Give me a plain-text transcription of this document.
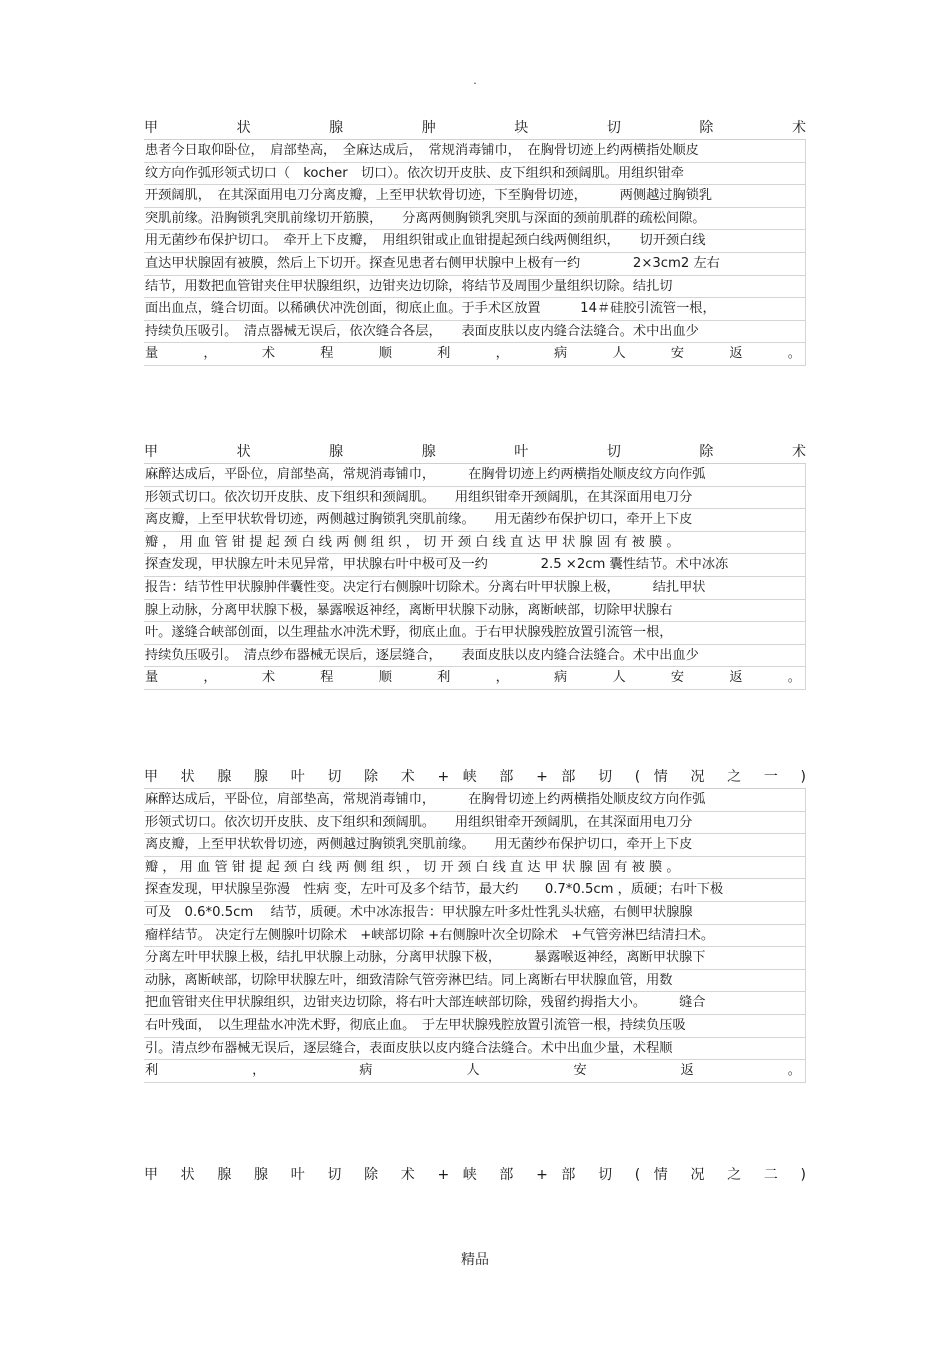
.
甲 状 腺 肿 块 切 除 术
患者今日取仰卧位，　肩部垫高，　全麻达成后，　常规消毒铺巾，　在胸骨切迹上约两横指处顺皮
纹方向作弧形领式切口（　kocher　切口）。依次切开皮肤、皮下组织和颈阔肌。用组织钳牵
开颈阔肌，　在其深面用电刀分离皮瓣，上至甲状软骨切迹，下至胸骨切迹，　　　两侧越过胸锁乳
突肌前缘。沿胸锁乳突肌前缘切开筋膜，　　分离两侧胸锁乳突肌与深面的颈前肌群的疏松间隙。
用无菌纱布保护切口。　牵开上下皮瓣，　用组织钳或止血钳提起颈白线两侧组织，　　切开颈白线
直达甲状腺固有被膜，然后上下切开。探查见患者右侧甲状腺中上极有一约　　　　2×3cm2 左右
结节，用数把血管钳夹住甲状腺组织，边钳夹边切除，将结节及周围少量组织切除。结扎切
面出血点，缝合切面。以稀碘伏冲洗创面，彻底止血。于手术区放置　　　14＃硅胶引流管一根，
持续负压吸引。　清点器械无误后，依次缝合各层，　　表面皮肤以皮内缝合法缝合。术中出血少
量 ， 术 程 顺 利 ， 病 人 安 返 。
甲 状 腺 腺 叶 切 除 术
麻醉达成后，平卧位，肩部垫高，常规消毒铺巾，　　　在胸骨切迹上约两横指处顺皮纹方向作弧
形领式切口。依次切开皮肤、皮下组织和颈阔肌。　　用组织钳牵开颈阔肌，在其深面用电刀分
离皮瓣，上至甲状软骨切迹，两侧越过胸锁乳突肌前缘。　　用无菌纱布保护切口，牵开上下皮
瓣 ， 用 血 管 钳 提 起 颈 白 线 两 侧 组 织 ， 切 开 颈 白 线 直 达 甲 状 腺 固 有 被 膜 。
探查发现，甲状腺左叶未见异常，甲状腺右叶中极可及一约　　　　2.5 ×2cm 囊性结节。术中冰冻
报告：结节性甲状腺肿伴囊性变。决定行右侧腺叶切除术。分离右叶甲状腺上极，　　　结扎甲状
腺上动脉，分离甲状腺下极，暴露喉返神经，离断甲状腺下动脉，离断峡部，切除甲状腺右
叶。遂缝合峡部创面，以生理盐水冲洗术野，彻底止血。于右甲状腺残腔放置引流管一根，
持续负压吸引。　清点纱布器械无误后，逐层缝合，　　表面皮肤以皮内缝合法缝合。术中出血少
量 ， 术 程 顺 利 ， 病 人 安 返 。
甲 状 腺 腺 叶 切 除 术 + 峡 部 + 部 切 ( 情 况 之 一 )
麻醉达成后，平卧位，肩部垫高，常规消毒铺巾，　　　在胸骨切迹上约两横指处顺皮纹方向作弧
形领式切口。依次切开皮肤、皮下组织和颈阔肌。　　用组织钳牵开颈阔肌，在其深面用电刀分
离皮瓣，上至甲状软骨切迹，两侧越过胸锁乳突肌前缘。　　用无菌纱布保护切口，牵开上下皮
瓣 ， 用 血 管 钳 提 起 颈 白 线 两 侧 组 织 ， 切 开 颈 白 线 直 达 甲 状 腺 固 有 被 膜 。
探查发现，甲状腺呈弥漫　性病 变，左叶可及多个结节，最大约　　0.7*0.5cm ，质硬；右叶下极
可及　0.6*0.5cm　 结节，质硬。术中冰冻报告：甲状腺左叶多灶性乳头状癌，右侧甲状腺腺
瘤样结节。 决定行左侧腺叶切除术　+峡部切除 +右侧腺叶次全切除术　+气管旁淋巴结清扫术。
分离左叶甲状腺上极，结扎甲状腺上动脉，分离甲状腺下极，　　　暴露喉返神经，离断甲状腺下
动脉，离断峡部，切除甲状腺左叶，细致清除气管旁淋巴结。同上离断右甲状腺血管，用数
把血管钳夹住甲状腺组织，边钳夹边切除，将右叶大部连峡部切除，残留约拇指大小。　　　缝合
右叶残面，　以生理盐水冲洗术野，彻底止血。　于左甲状腺残腔放置引流管一根，持续负压吸
引。清点纱布器械无误后，逐层缝合，表面皮肤以皮内缝合法缝合。术中出血少量，术程顺
利 ， 病 人 安 返 。
甲 状 腺 腺 叶 切 除 术 + 峡 部 + 部 切 ( 情 况 之 二 )
精品
